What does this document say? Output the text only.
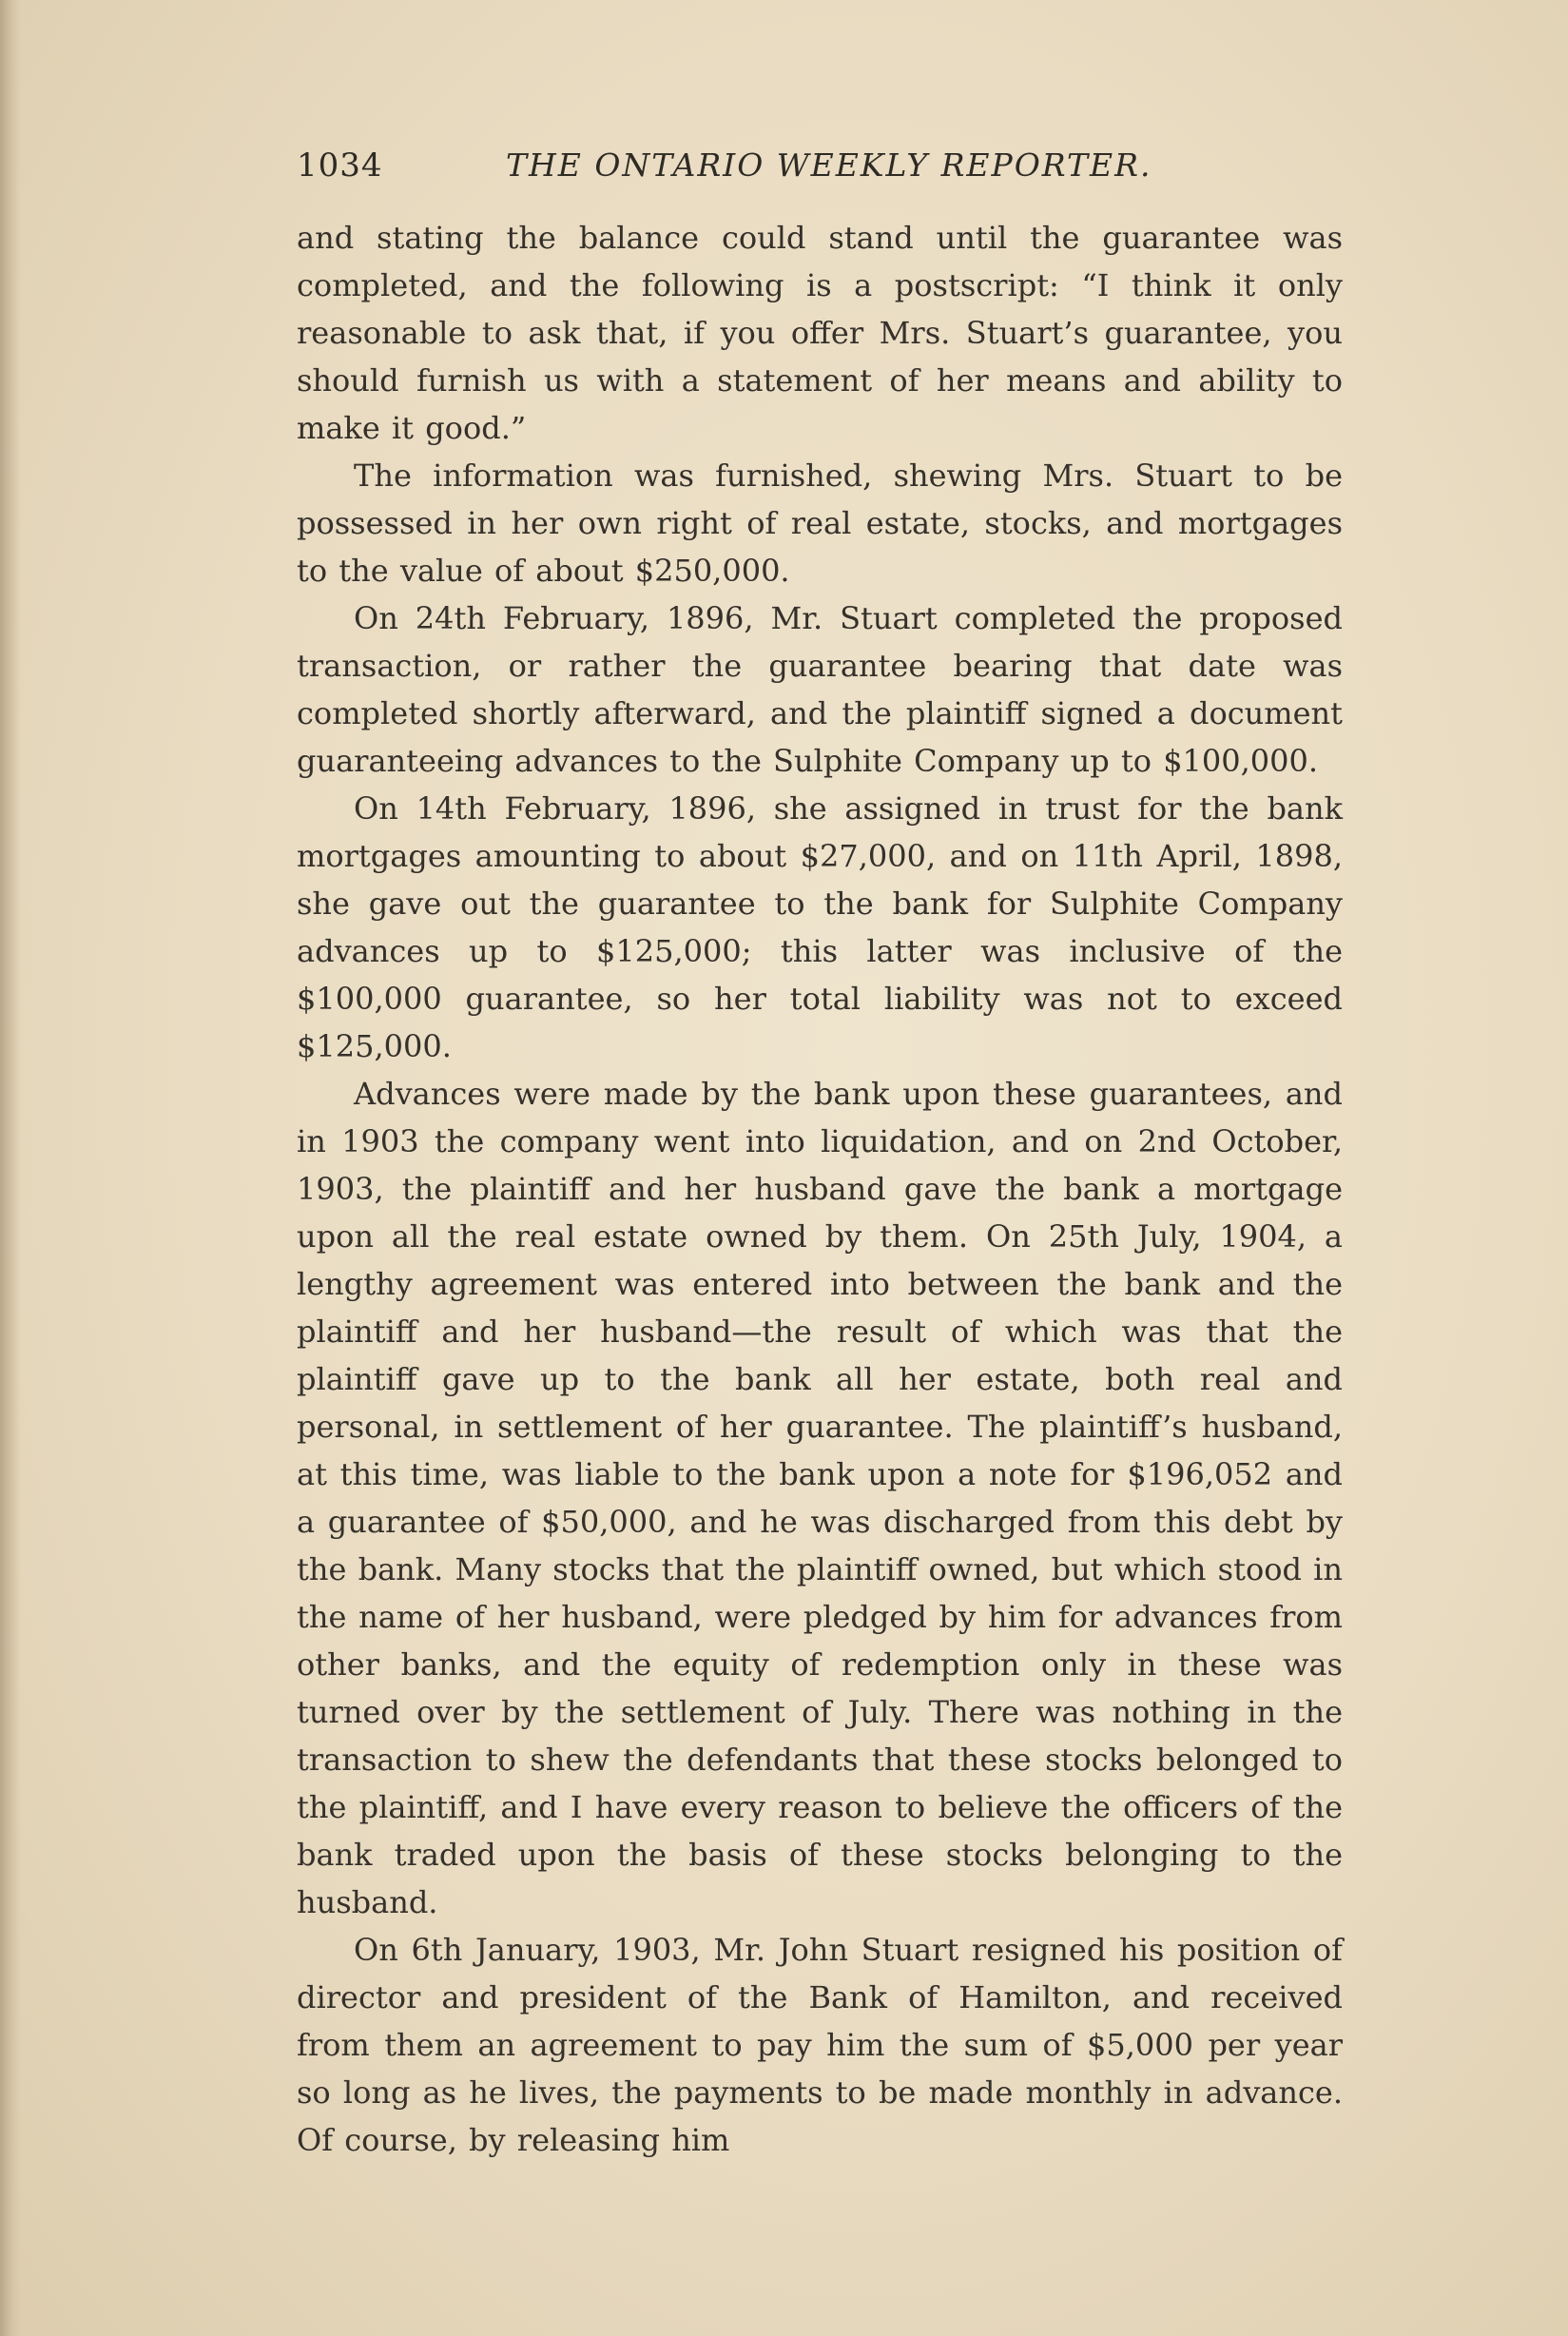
1034	THE ONTARIO WEEKLY REPORTER.

and stating the balance could stand until the guarantee was completed, and the following is a postscript: “I think it only reasonable to ask that, if you offer Mrs. Stuart’s guarantee, you should furnish us with a statement of her means and ability to make it good.”

The information was furnished, shewing Mrs. Stuart to be possessed in her own right of real estate, stocks, and mortgages to the value of about $250,000.

On 24th February, 1896, Mr. Stuart completed the proposed transaction, or rather the guarantee bearing that date was completed shortly afterward, and the plaintiff signed a document guaranteeing advances to the Sulphite Company up to $100,000.

On 14th February, 1896, she assigned in trust for the bank mortgages amounting to about $27,000, and on 11th April, 1898, she gave out the guarantee to the bank for Sulphite Company advances up to $125,000; this latter was inclusive of the $100,000 guarantee, so her total liability was not to exceed $125,000.

Advances were made by the bank upon these guarantees, and in 1903 the company went into liquidation, and on 2nd October, 1903, the plaintiff and her husband gave the bank a mortgage upon all the real estate owned by them. On 25th July, 1904, a lengthy agreement was entered into between the bank and the plaintiff and her husband—the result of which was that the plaintiff gave up to the bank all her estate, both real and personal, in settlement of her guarantee. The plaintiff’s husband, at this time, was liable to the bank upon a note for $196,052 and a guarantee of $50,000, and he was discharged from this debt by the bank. Many stocks that the plaintiff owned, but which stood in the name of her husband, were pledged by him for advances from other banks, and the equity of redemption only in these was turned over by the settlement of July. There was nothing in the transaction to shew the defendants that these stocks belonged to the plaintiff, and I have every reason to believe the officers of the bank traded upon the basis of these stocks belonging to the husband.

On 6th January, 1903, Mr. John Stuart resigned his position of director and president of the Bank of Hamilton, and received from them an agreement to pay him the sum of $5,000 per year so long as he lives, the payments to be made monthly in advance. Of course, by releasing him
